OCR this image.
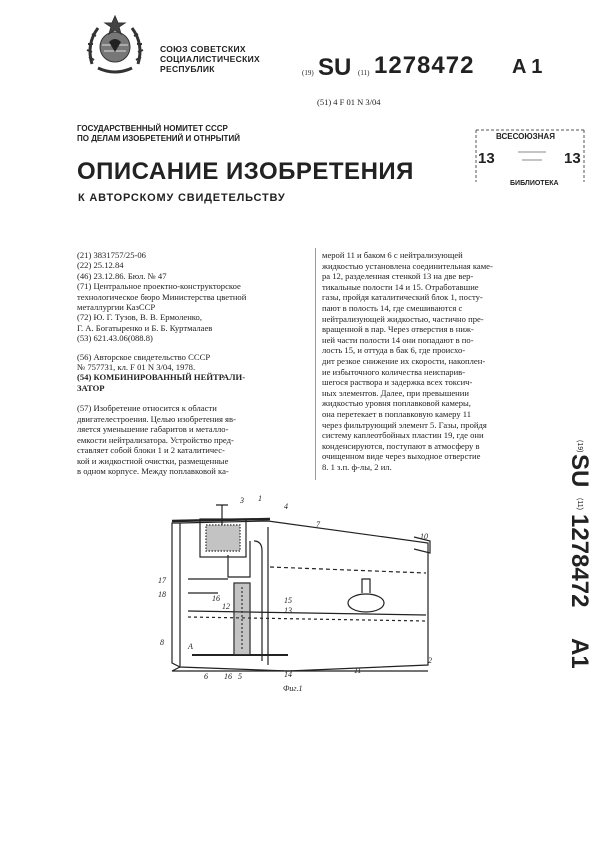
СОЮЗ СОВЕТСКИХ
СОЦИАЛИСТИЧЕСКИХ
РЕСПУБЛИК	(19) SU (11) 1278472 A 1
(51) 4 F 01 N 3/04
ГОСУДАРСТВЕННЫЙ НОМИТЕТ СССР
ПО ДЕЛАМ ИЗОБРЕТЕНИЙ И ОТНРЫТИЙ	ВСЕСОЮЗНАЯ
13	13
БИБЛИОТЕКА
ОПИСАНИЕ ИЗОБРЕТЕНИЯ
К АВТОРСКОМУ СВИДЕТЕЛЬСТВУ
(21) 3831757/25-06
(22) 25.12.84
(46) 23.12.86. Бюл. № 47
(71) Центральное проектно-конструкторское
технологическое бюро Министерства цветной
металлургии КазССР
(72) Ю. Г. Тузов, В. В. Ермоленко,
Г. А. Богатыренко и Б. Б. Куртмалаев
(53) 621.43.06(088.8)
(56) Авторское свидетельство СССР
№ 757731, кл. F 01 N 3/04, 1978.
(54) КОМБИНИРОВАННЫЙ НЕЙТРАЛИ-
ЗАТОР
(57) Изобретение относится к области
двигателестроения. Целью изобретения яв-
ляется уменьшение габаритов и металло-
емкости нейтрализатора. Устройство пред-
ставляет собой блоки 1 и 2 каталитичес-
кой и жидкостной очистки, размещенные
в одном корпусе. Между поплавковой ка-
мерой 11 и баком 6 с нейтрализующей
жидкостью установлена соединительная каме-
ра 12, разделенная стенкой 13 на две вер-
тикальные полости 14 и 15. Отработавшие
газы, пройдя каталитический блок 1, посту-
пают в полость 14, где смешиваются с
нейтрализующей жидкостью, частично пре-
вращенной в пар. Через отверстия в ниж-
ней части полости 14 они попадают в по-
лость 15, и оттуда в бак 6, где происхо-
дит резкое снижение их скорости, накоплен-
ие избыточного количества неиспарив-
шегося раствора и задержка всех токсич-
ных элементов. Далее, при превышении
жидкостью уровня поплавковой камеры,
она перетекает в поплавковую камеру 11
через фильтрующий элемент 5. Газы, пройдя
систему каплеотбойных пластин 19, где они
конденсируются, поступают в атмосферу в
очищенном виде через выходное отверстие
8. 1 з.п. ф-лы, 2 ил.
(19)
SU
(11)
1278472
A1
3 1
4
7
17
18	16
12
15
13
8	A
6 16 5	14	11
2
10
Фиг.1
